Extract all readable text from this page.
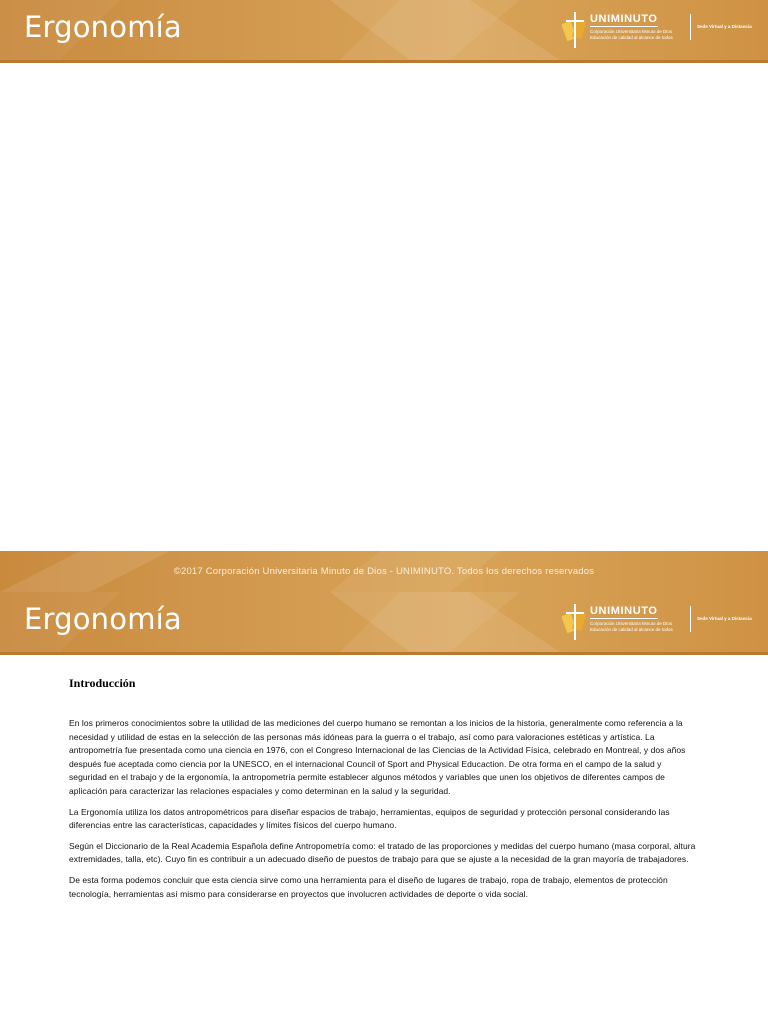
Ergonomía	UNIMINUTO
Corporación Universitaria Minuto de Dios
Educación de calidad al alcance de todos
Sede Virtual y a Distancia
©2017 Corporación Universitaria Minuto de Dios - UNIMINUTO. Todos los derechos reservados
Ergonomía	UNIMINUTO
Corporación Universitaria Minuto de Dios
Educación de calidad al alcance de todos
Sede Virtual y a Distancia
Introducción

En los primeros conocimientos sobre la utilidad de las mediciones del cuerpo humano se remontan a los inicios de la historia, generalmente como referencia a la necesidad y utilidad de estas en la selección de las personas más idóneas para la guerra o el trabajo, así como para valoraciones estéticas y artística. La antropometría fue presentada como una ciencia en 1976, con el Congreso Internacional de las Ciencias de la Actividad Física, celebrado en Montreal, y dos años después fue aceptada como ciencia por la UNESCO, en el internacional Council of Sport and Physical Educaction. De otra forma en el campo de la salud y seguridad en el trabajo y de la ergonomía, la antropometría permite establecer algunos métodos y variables que unen los objetivos de diferentes campos de aplicación para caracterizar las relaciones espaciales y como determinan en la salud y la seguridad.

La Ergonomía utiliza los datos antropométricos para diseñar espacios de trabajo, herramientas, equipos de seguridad y protección personal considerando las diferencias entre las características, capacidades y límites físicos del cuerpo humano.

Según el Diccionario de la Real Academia Española define Antropometría como: el tratado de las proporciones y medidas del cuerpo humano (masa corporal, altura extremidades, talla, etc). Cuyo fin es contribuir a un adecuado diseño de puestos de trabajo para que se ajuste a la necesidad de la gran mayoría de trabajadores.

De esta forma podemos concluir que esta ciencia sirve como una herramienta para el diseño de lugares de trabajo, ropa de trabajo, elementos de protección tecnología, herramientas así mismo para considerarse en proyectos que involucren actividades de deporte o vida social.
